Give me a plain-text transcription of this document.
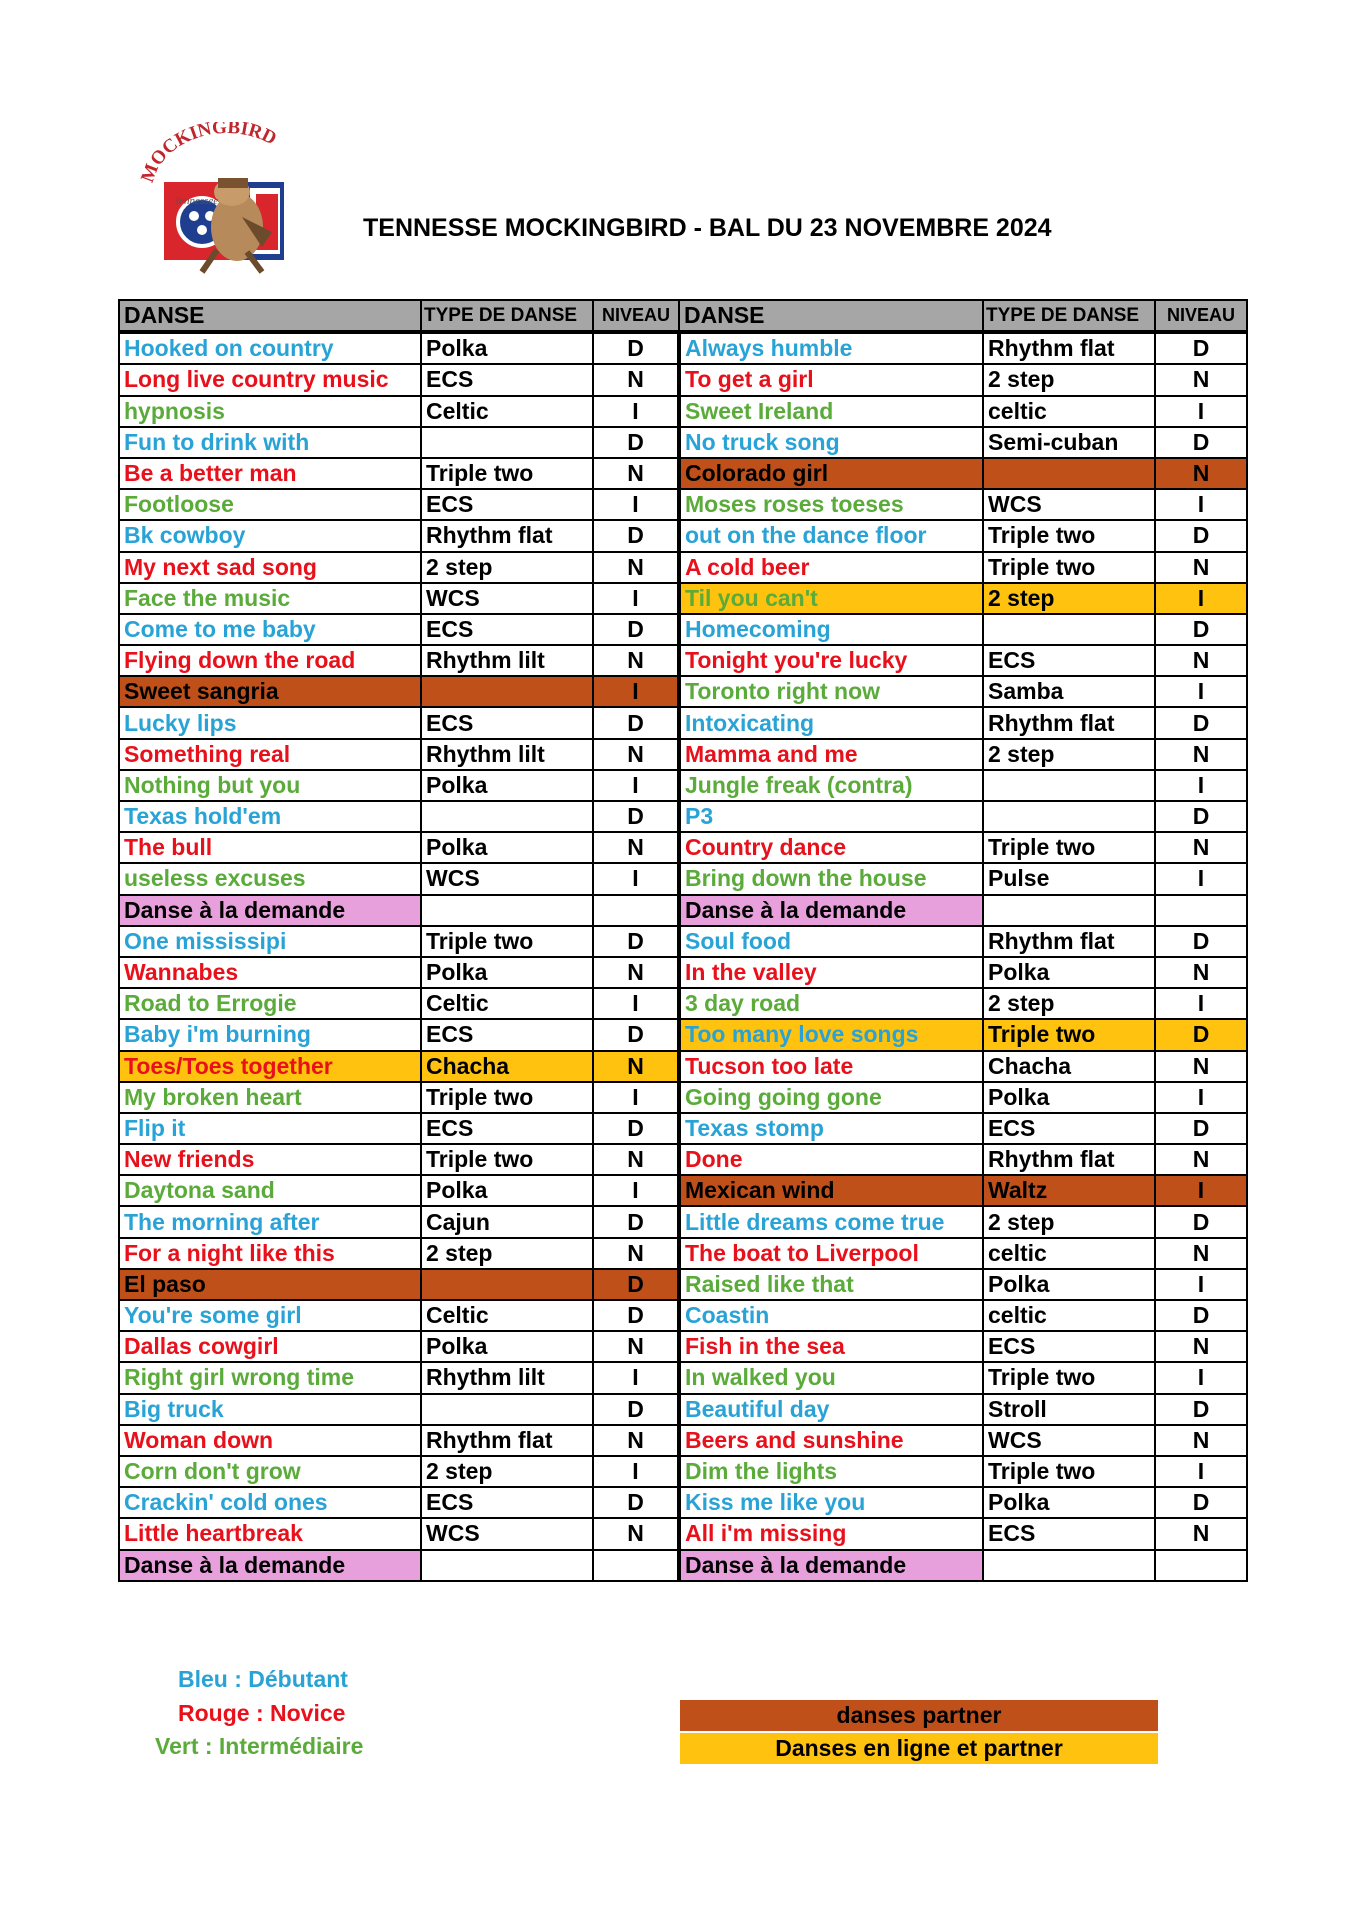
MOCKINGBIRD
Tennessee
TENNESSE MOCKINGBIRD - BAL DU 23 NOVEMBRE 2024
DANSE	TYPE DE DANSE	NIVEAU	DANSE	TYPE DE DANSE	NIVEAU
Hooked on country	Polka	D	Always humble	Rhythm flat	D
Long live country music	ECS	N	To get a girl	2 step	N
hypnosis	Celtic	I	Sweet Ireland	celtic	I
Fun to drink with		D	No truck song	Semi-cuban	D
Be a better man	Triple two	N	Colorado girl		N
Footloose	ECS	I	Moses roses toeses	WCS	I
Bk cowboy	Rhythm flat	D	out on the dance floor	Triple two	D
My next sad song	2 step	N	A cold beer	Triple two	N
Face the music	WCS	I	Til you can't	2 step	I
Come to me baby	ECS	D	Homecoming		D
Flying down the road	Rhythm lilt	N	Tonight you're lucky	ECS	N
Sweet sangria		I	Toronto right now	Samba	I
Lucky lips	ECS	D	Intoxicating	Rhythm flat	D
Something real	Rhythm lilt	N	Mamma and me	2 step	N
Nothing but you	Polka	I	Jungle freak (contra)		I
Texas hold'em		D	P3		D
The bull	Polka	N	Country dance	Triple two	N
useless excuses	WCS	I	Bring down the house	Pulse	I
Danse à la demande			Danse à la demande		
One mississipi	Triple two	D	Soul food	Rhythm flat	D
Wannabes	Polka	N	In the valley	Polka	N
Road to Errogie	Celtic	I	3 day road	2 step	I
Baby i'm burning	ECS	D	Too many love songs	Triple two	D
Toes/Toes together	Chacha	N	Tucson too late	Chacha	N
My broken heart	Triple two	I	Going going gone	Polka	I
Flip it	ECS	D	Texas stomp	ECS	D
New friends	Triple two	N	Done	Rhythm flat	N
Daytona sand	Polka	I	Mexican wind	Waltz	I
The morning after	Cajun	D	Little dreams come true	2 step	D
For a night like this	2 step	N	The boat to Liverpool	celtic	N
El paso		D	Raised like that	Polka	I
You're some girl	Celtic	D	Coastin	celtic	D
Dallas cowgirl	Polka	N	Fish in the sea	ECS	N
Right girl wrong time	Rhythm lilt	I	In walked you	Triple two	I
Big truck		D	Beautiful day	Stroll	D
Woman down	Rhythm flat	N	Beers and sunshine	WCS	N
Corn don't grow	2 step	I	Dim the lights	Triple two	I
Crackin' cold ones	ECS	D	Kiss me like you	Polka	D
Little heartbreak	WCS	N	All i'm missing	ECS	N
Danse à la demande			Danse à la demande		
Bleu : Débutant
Rouge : Novice
Vert : Intermédiaire
danses partner
Danses en ligne et partner
